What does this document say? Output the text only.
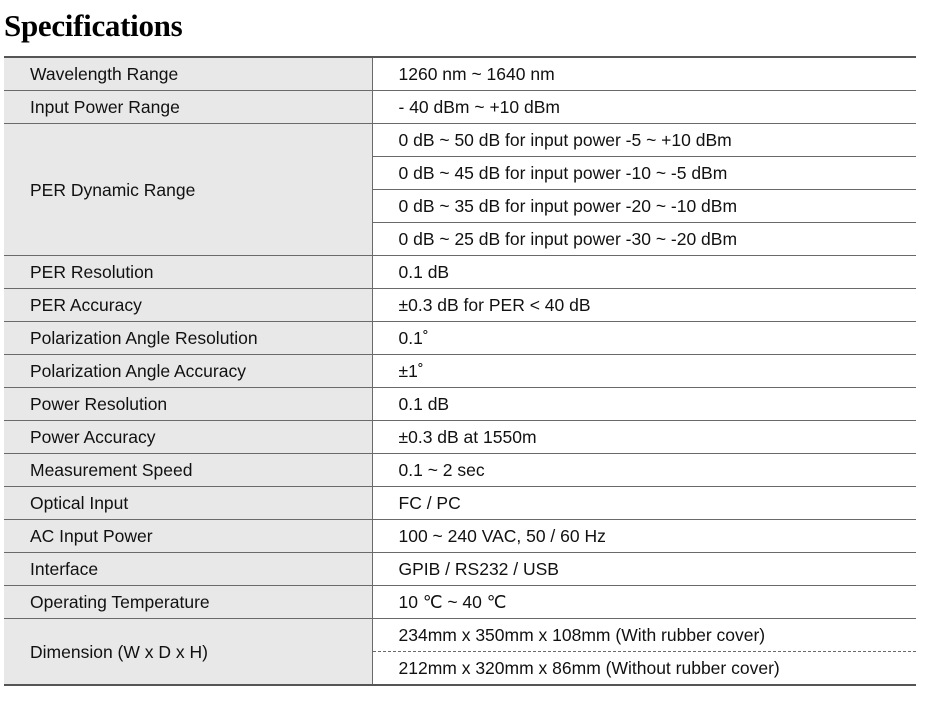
Specifications
Wavelength Range	1260 nm ~ 1640 nm
Input Power Range	- 40 dBm ~ +10 dBm
PER Dynamic Range	0 dB ~ 50 dB for input power -5 ~ +10 dBm
	0 dB ~ 45 dB for input power -10 ~ -5 dBm
	0 dB ~ 35 dB for input power -20 ~ -10 dBm
	0 dB ~ 25 dB for input power -30 ~ -20 dBm
PER Resolution	0.1 dB
PER Accuracy	±0.3 dB for PER < 40 dB
Polarization Angle Resolution	0.1˚
Polarization Angle Accuracy	±1˚
Power Resolution	0.1 dB
Power Accuracy	±0.3 dB at 1550m
Measurement Speed	0.1 ~ 2 sec
Optical Input	FC / PC
AC Input Power	100 ~ 240 VAC, 50 / 60 Hz
Interface	GPIB / RS232 / USB
Operating Temperature	10 ℃ ~ 40 ℃
Dimension (W x D x H)	234mm x 350mm x 108mm (With rubber cover)
	212mm x 320mm x 86mm (Without rubber cover)
